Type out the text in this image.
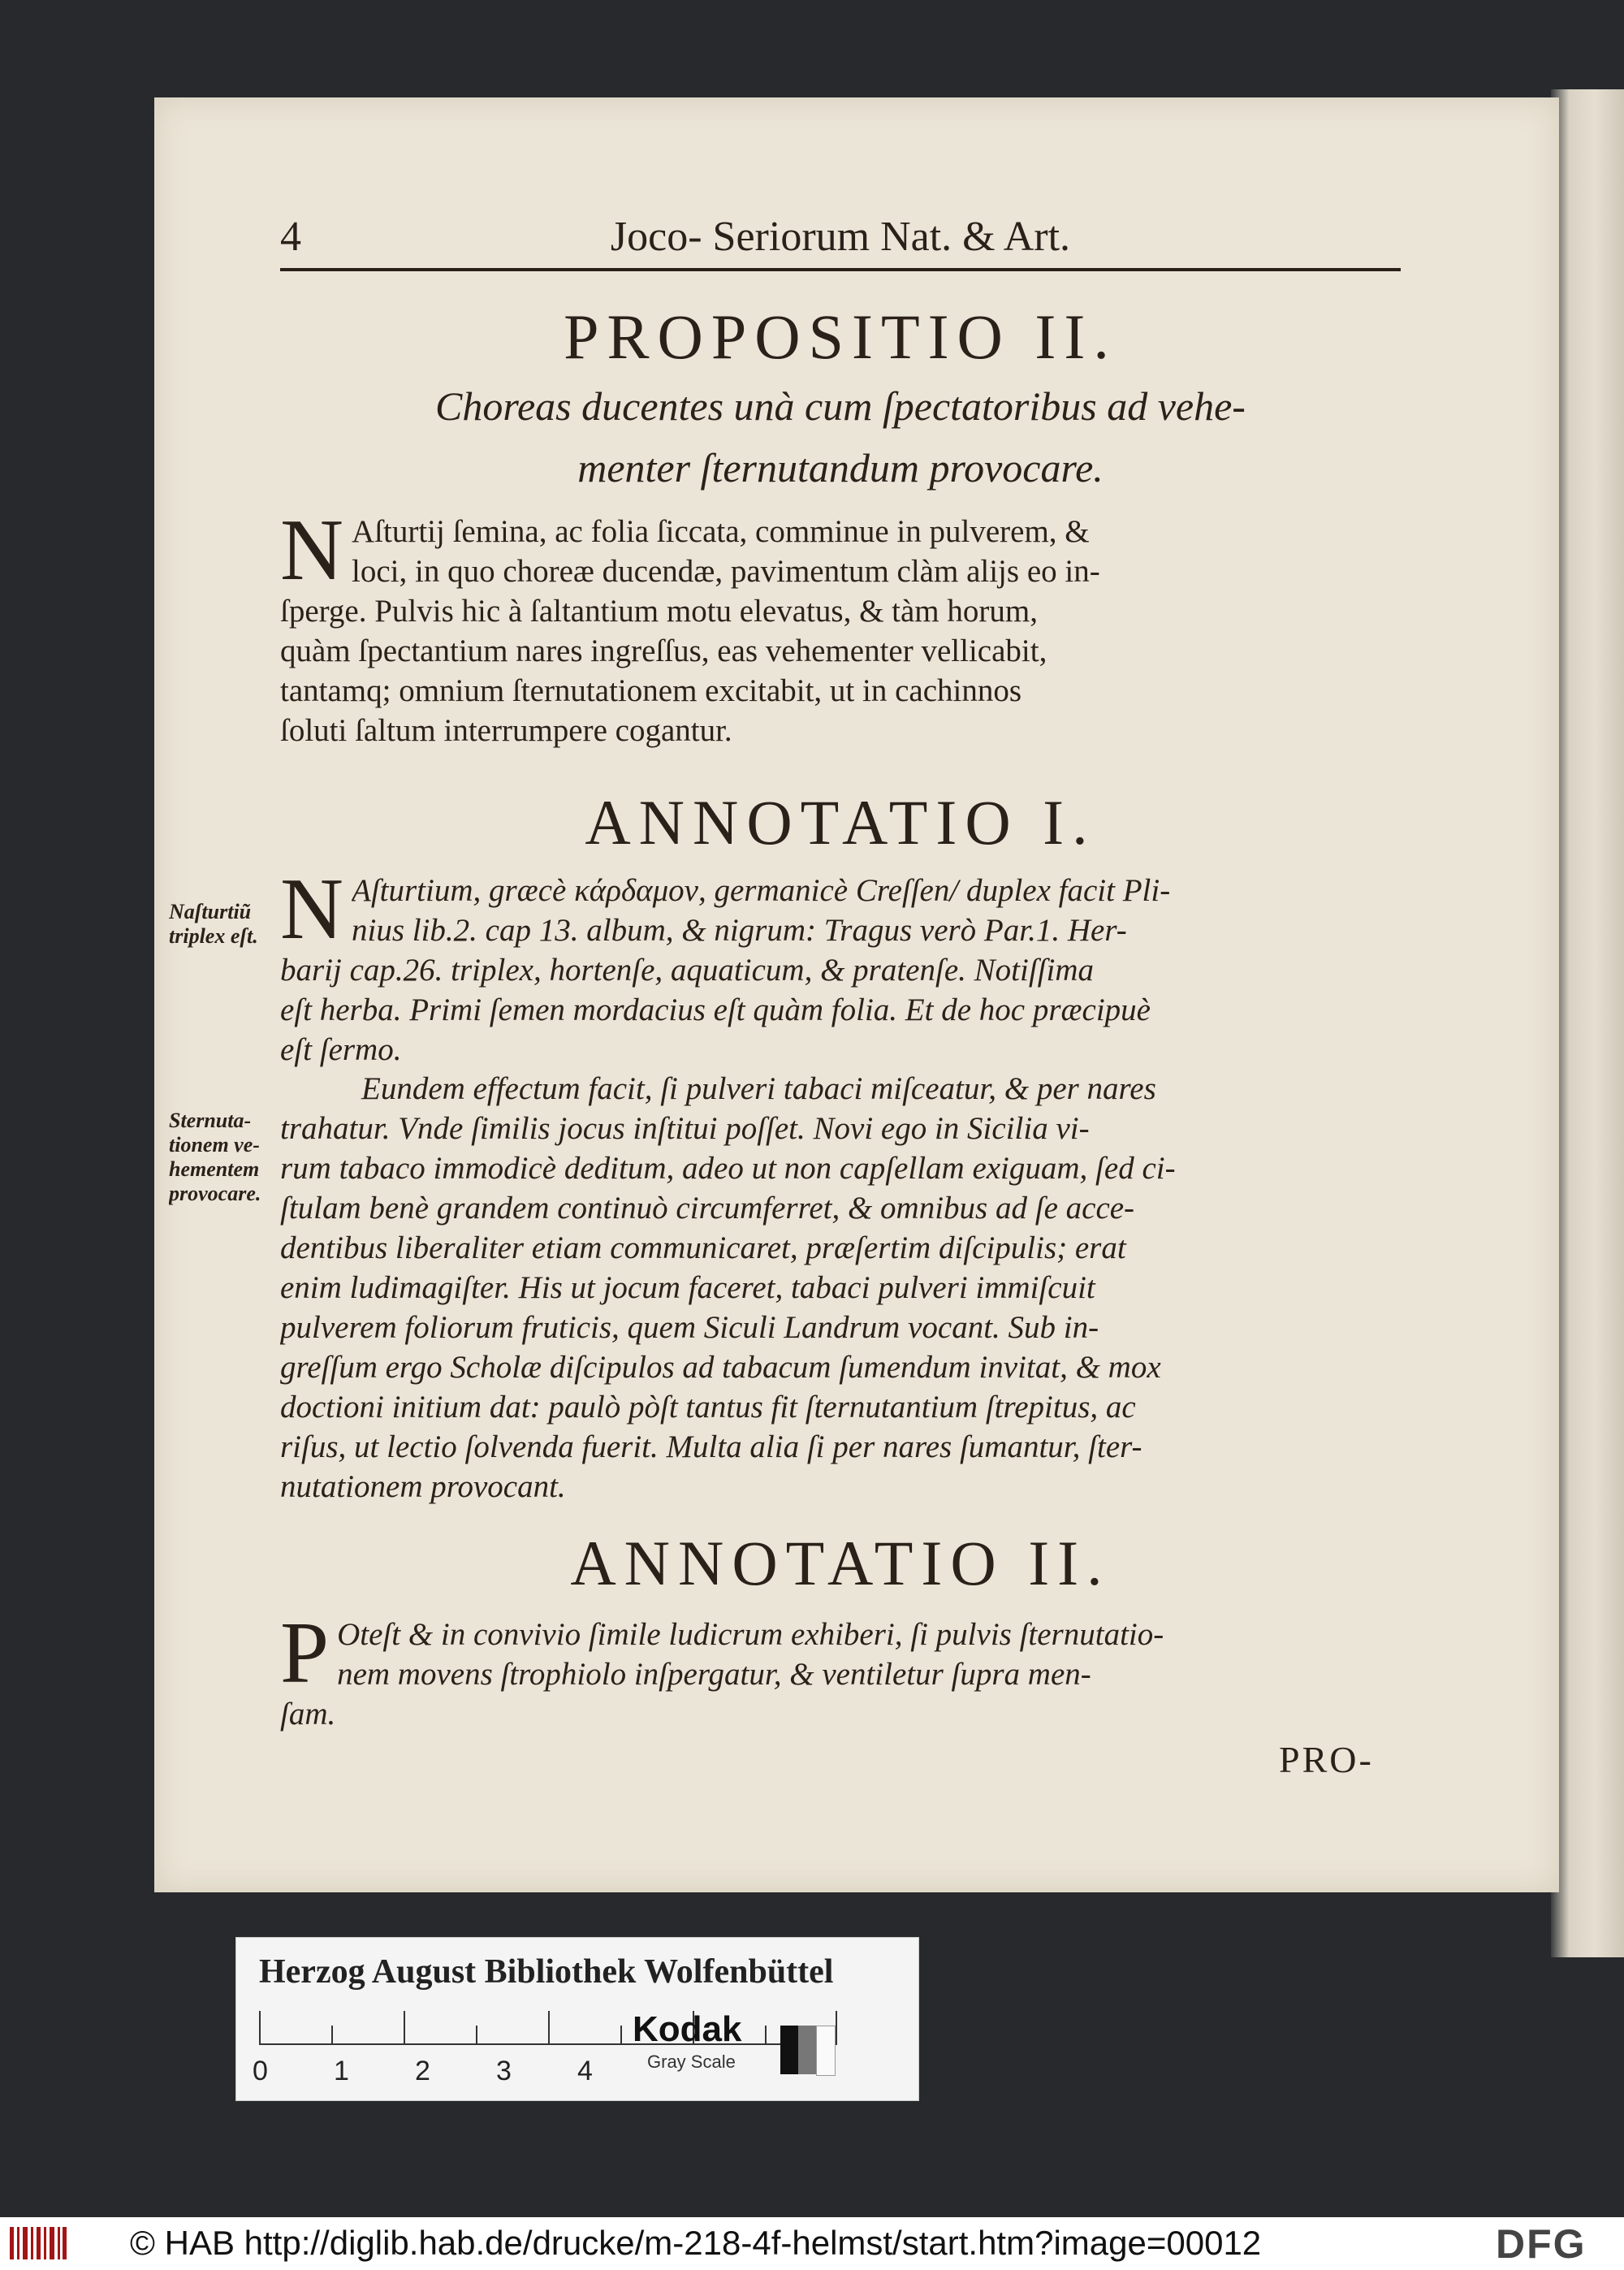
4	Joco- Seriorum Nat. & Art.
PROPOSITIO II.
Choreas ducentes unà cum ſpectatoribus ad vehe-
menter ſternutandum provocare.
N Aſturtij ſemina, ac folia ſiccata, comminue in pulverem, &
loci, in quo choreæ ducendæ, pavimentum clàm alijs eo in-
ſperge. Pulvis hic à ſaltantium motu elevatus, & tàm horum,
quàm ſpectantium nares ingreſſus, eas vehementer vellicabit,
tantamq; omnium ſternutationem excitabit, ut in cachinnos
ſoluti ſaltum interrumpere cogantur.
ANNOTATIO I.
Naſturtiũ
triplex eſt. N Aſturtium, græcè κάρδαμον, germanicè Creſſen/ duplex facit Pli-
nius lib.2. cap 13. album, & nigrum: Tragus verò Par.1. Her-
barij cap.26. triplex, hortenſe, aquaticum, & pratenſe. Notiſſima
eſt herba. Primi ſemen mordacius eſt quàm folia. Et de hoc præcipuè
eſt ſermo.
Sternuta-
tionem ve-
hementem
provocare.
Eundem effectum facit, ſi pulveri tabaci miſceatur, & per nares
trahatur. Vnde ſimilis jocus inſtitui poſſet. Novi ego in Sicilia vi-
rum tabaco immodicè deditum, adeo ut non capſellam exiguam, ſed ci-
ſtulam benè grandem continuò circumferret, & omnibus ad ſe acce-
dentibus liberaliter etiam communicaret, præſertim diſcipulis; erat
enim ludimagiſter. His ut jocum faceret, tabaci pulveri immiſcuit
pulverem foliorum fruticis, quem Siculi Landrum vocant. Sub in-
greſſum ergo Scholæ diſcipulos ad tabacum ſumendum invitat, & mox
doctioni initium dat: paulò pòſt tantus fit ſternutantium ſtrepitus, ac
riſus, ut lectio ſolvenda fuerit. Multa alia ſi per nares ſumantur, ſter-
nutationem provocant.
ANNOTATIO II.
P Oteſt & in convivio ſimile ludicrum exhiberi, ſi pulvis ſternutatio-
nem movens ſtrophiolo inſpergatur, & ventiletur ſupra men-
ſam.
PRO-
Herzog August Bibliothek Wolfenbüttel
0 1 2 3 4
Kodak
Gray Scale
© HAB http://diglib.hab.de/drucke/m-218-4f-helmst/start.htm?image=00012	DFG
